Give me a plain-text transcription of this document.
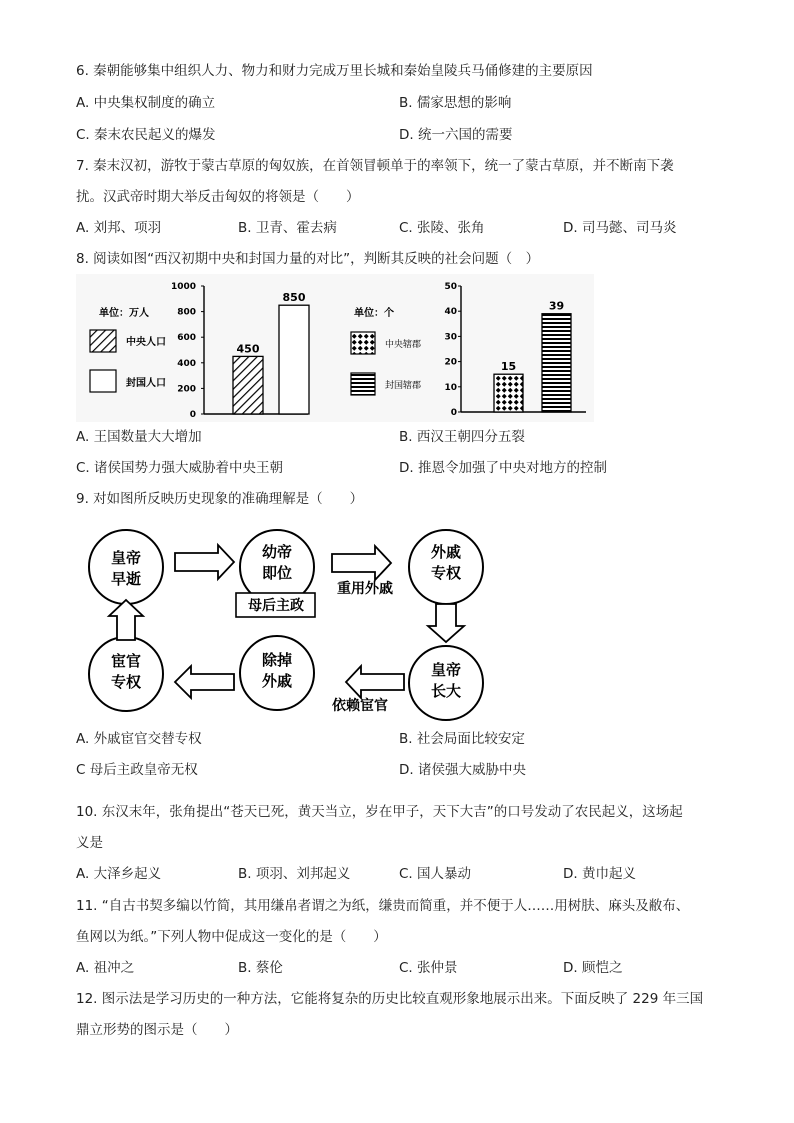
6. 秦朝能够集中组织人力、物力和财力完成万里长城和秦始皇陵兵马俑修建的主要原因
A. 中央集权制度的确立	B. 儒家思想的影响
C. 秦末农民起义的爆发	D. 统一六国的需要
7. 秦末汉初，游牧于蒙古草原的匈奴族，在首领冒顿单于的率领下，统一了蒙古草原，并不断南下袭
扰。汉武帝时期大举反击匈奴的将领是（　　）
A. 刘邦、项羽	B. 卫青、霍去病	C. 张陵、张角	D. 司马懿、司马炎
8. 阅读如图“西汉初期中央和封国力量的对比”，判断其反映的社会问题（　）
单位：万人
中央人口
封国人口
1000
800
600
400
200
0
450
850
单位：个
中央辖郡
封国辖郡
50
40
30
20
10
0
15
39
A. 王国数量大大增加	B. 西汉王朝四分五裂
C. 诸侯国势力强大威胁着中央王朝	D. 推恩令加强了中央对地方的控制
9. 对如图所反映历史现象的准确理解是（　　）
皇帝
早逝
幼帝
即位
外戚
专权
皇帝
长大
除掉
外戚
宦官
专权
母后主政
重用外戚
依赖宦官
A. 外戚宦官交替专权	B. 社会局面比较安定
C 母后主政皇帝无权	D. 诸侯强大威胁中央
10. 东汉末年，张角提出“苍天已死，黄天当立，岁在甲子，天下大吉”的口号发动了农民起义，这场起
义是
A. 大泽乡起义	B. 项羽、刘邦起义	C. 国人暴动	D. 黄巾起义
11. “自古书契多编以竹简，其用缣帛者谓之为纸，缣贵而简重，并不便于人……用树肤、麻头及敝布、
鱼网以为纸。”下列人物中促成这一变化的是（　　）
A. 祖冲之	B. 蔡伦	C. 张仲景	D. 顾恺之
12. 图示法是学习历史的一种方法，它能将复杂的历史比较直观形象地展示出来。下面反映了 229 年三国
鼎立形势的图示是（　　）
